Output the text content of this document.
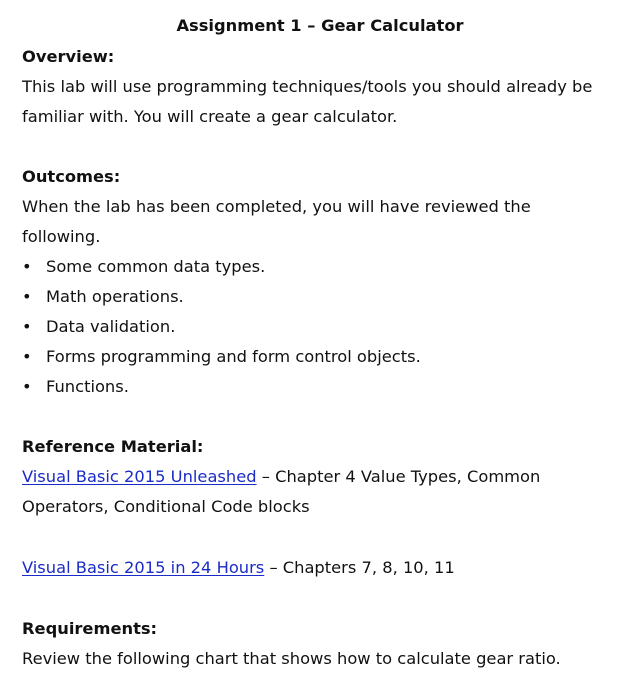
Assignment 1 – Gear Calculator
Overview:
This lab will use programming techniques/tools you should already be
familiar with. You will create a gear calculator.
Outcomes:
When the lab has been completed, you will have reviewed the
following.
• Some common data types.
• Math operations.
• Data validation.
• Forms programming and form control objects.
• Functions.
Reference Material:
Visual Basic 2015 Unleashed – Chapter 4 Value Types, Common
Operators, Conditional Code blocks
Visual Basic 2015 in 24 Hours – Chapters 7, 8, 10, 11
Requirements:
Review the following chart that shows how to calculate gear ratio.
